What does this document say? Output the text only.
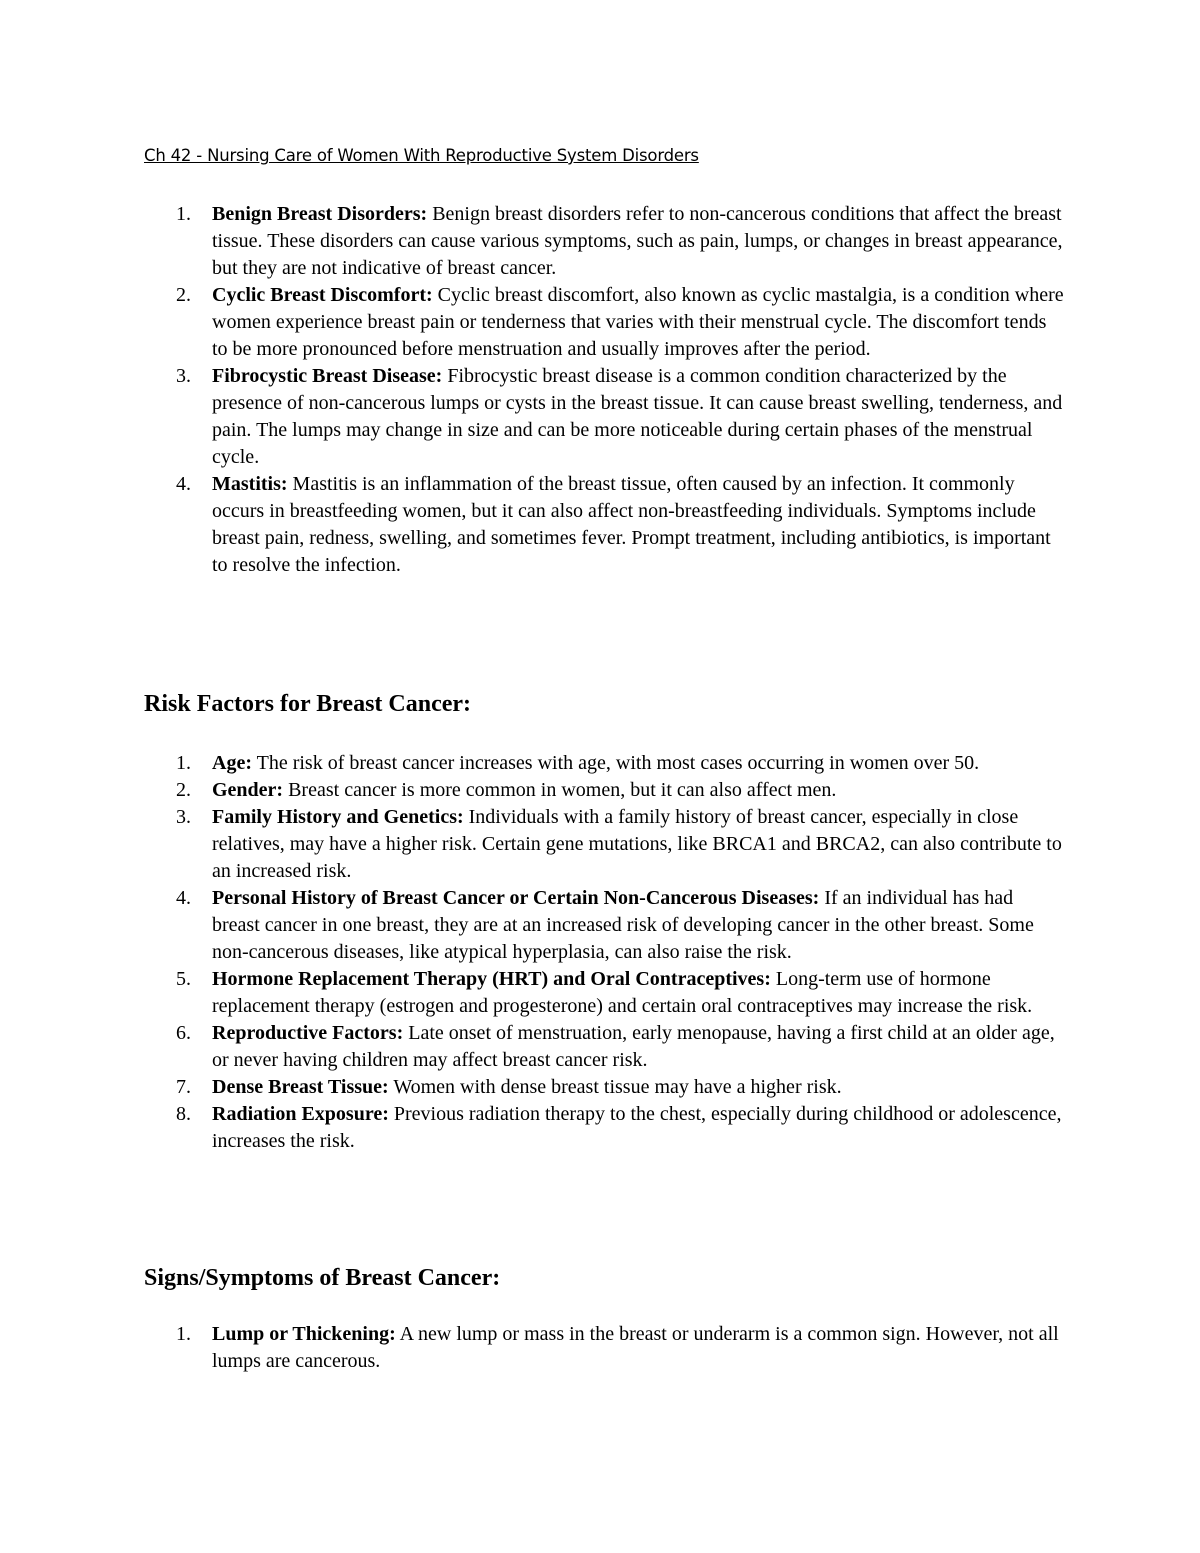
Ch 42 - Nursing Care of Women With Reproductive System Disorders
1. Benign Breast Disorders: Benign breast disorders refer to non-cancerous conditions that affect the breast tissue. These disorders can cause various symptoms, such as pain, lumps, or changes in breast appearance, but they are not indicative of breast cancer.
2. Cyclic Breast Discomfort: Cyclic breast discomfort, also known as cyclic mastalgia, is a condition where women experience breast pain or tenderness that varies with their menstrual cycle. The discomfort tends to be more pronounced before menstruation and usually improves after the period.
3. Fibrocystic Breast Disease: Fibrocystic breast disease is a common condition characterized by the presence of non-cancerous lumps or cysts in the breast tissue. It can cause breast swelling, tenderness, and pain. The lumps may change in size and can be more noticeable during certain phases of the menstrual cycle.
4. Mastitis: Mastitis is an inflammation of the breast tissue, often caused by an infection. It commonly occurs in breastfeeding women, but it can also affect non-breastfeeding individuals. Symptoms include breast pain, redness, swelling, and sometimes fever. Prompt treatment, including antibiotics, is important to resolve the infection.
Risk Factors for Breast Cancer:
1. Age: The risk of breast cancer increases with age, with most cases occurring in women over 50.
2. Gender: Breast cancer is more common in women, but it can also affect men.
3. Family History and Genetics: Individuals with a family history of breast cancer, especially in close relatives, may have a higher risk. Certain gene mutations, like BRCA1 and BRCA2, can also contribute to an increased risk.
4. Personal History of Breast Cancer or Certain Non-Cancerous Diseases: If an individual has had breast cancer in one breast, they are at an increased risk of developing cancer in the other breast. Some non-cancerous diseases, like atypical hyperplasia, can also raise the risk.
5. Hormone Replacement Therapy (HRT) and Oral Contraceptives: Long-term use of hormone replacement therapy (estrogen and progesterone) and certain oral contraceptives may increase the risk.
6. Reproductive Factors: Late onset of menstruation, early menopause, having a first child at an older age, or never having children may affect breast cancer risk.
7. Dense Breast Tissue: Women with dense breast tissue may have a higher risk.
8. Radiation Exposure: Previous radiation therapy to the chest, especially during childhood or adolescence, increases the risk.
Signs/Symptoms of Breast Cancer:
1. Lump or Thickening: A new lump or mass in the breast or underarm is a common sign. However, not all lumps are cancerous.
